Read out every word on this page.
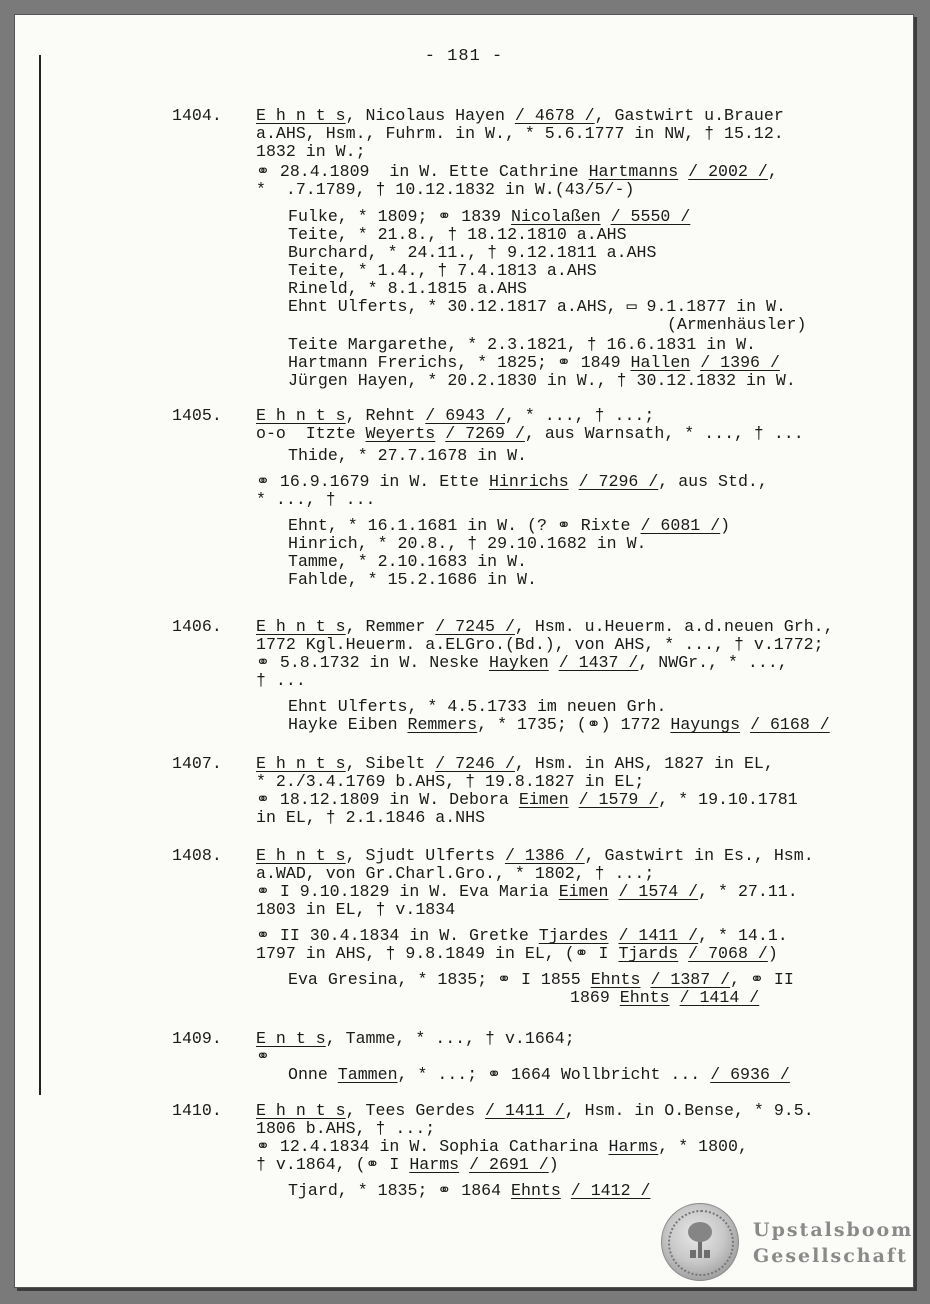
- 181 -
1404. E h n t s, Nicolaus Hayen / 4678 /, Gastwirt u.Brauer
a.AHS, Hsm., Fuhrm. in W., * 5.6.1777 in NW, † 15.12.
1832 in W.;
⚭ 28.4.1809  in W. Ette Cathrine Hartmanns / 2002 /,
*  .7.1789, † 10.12.1832 in W.(43/5/-)
Fulke, * 1809; ⚭ 1839 Nicolaßen / 5550 /
Teite, * 21.8., † 18.12.1810 a.AHS
Burchard, * 24.11., † 9.12.1811 a.AHS
Teite, * 1.4., † 7.4.1813 a.AHS
Rineld, * 8.1.1815 a.AHS
Ehnt Ulferts, * 30.12.1817 a.AHS, ▭ 9.1.1877 in W.
(Armenhäusler)
Teite Margarethe, * 2.3.1821, † 16.6.1831 in W.
Hartmann Frerichs, * 1825; ⚭ 1849 Hallen / 1396 /
Jürgen Hayen, * 20.2.1830 in W., † 30.12.1832 in W.
1405. E h n t s, Rehnt / 6943 /, * ..., † ...;
o-o  Itzte Weyerts / 7269 /, aus Warnsath, * ..., † ...
Thide, * 27.7.1678 in W.
⚭ 16.9.1679 in W. Ette Hinrichs / 7296 /, aus Std.,
* ..., † ...
Ehnt, * 16.1.1681 in W. (? ⚭ Rixte / 6081 /)
Hinrich, * 20.8., † 29.10.1682 in W.
Tamme, * 2.10.1683 in W.
Fahlde, * 15.2.1686 in W.
1406. E h n t s, Remmer / 7245 /, Hsm. u.Heuerm. a.d.neuen Grh.,
1772 Kgl.Heuerm. a.ELGro.(Bd.), von AHS, * ..., † v.1772;
⚭ 5.8.1732 in W. Neske Hayken / 1437 /, NWGr., * ...,
† ...
Ehnt Ulferts, * 4.5.1733 im neuen Grh.
Hayke Eiben Remmers, * 1735; (⚭) 1772 Hayungs / 6168 /
1407. E h n t s, Sibelt / 7246 /, Hsm. in AHS, 1827 in EL,
* 2./3.4.1769 b.AHS, † 19.8.1827 in EL;
⚭ 18.12.1809 in W. Debora Eimen / 1579 /, * 19.10.1781
in EL, † 2.1.1846 a.NHS
1408. E h n t s, Sjudt Ulferts / 1386 /, Gastwirt in Es., Hsm.
a.WAD, von Gr.Charl.Gro., * 1802, † ...;
⚭ I 9.10.1829 in W. Eva Maria Eimen / 1574 /, * 27.11.
1803 in EL, † v.1834
⚭ II 30.4.1834 in W. Gretke Tjardes / 1411 /, * 14.1.
1797 in AHS, † 9.8.1849 in EL, (⚭ I Tjards / 7068 /)
Eva Gresina, * 1835; ⚭ I 1855 Ehnts / 1387 /, ⚭ II
1869 Ehnts / 1414 /
1409. E n t s, Tamme, * ..., † v.1664;
⚭
Onne Tammen, * ...; ⚭ 1664 Wollbricht ... / 6936 /
1410. E h n t s, Tees Gerdes / 1411 /, Hsm. in O.Bense, * 9.5.
1806 b.AHS, † ...;
⚭ 12.4.1834 in W. Sophia Catharina Harms, * 1800,
† v.1864, (⚭ I Harms / 2691 /)
Tjard, * 1835; ⚭ 1864 Ehnts / 1412 /
Upstalsboom
Gesellschaft
